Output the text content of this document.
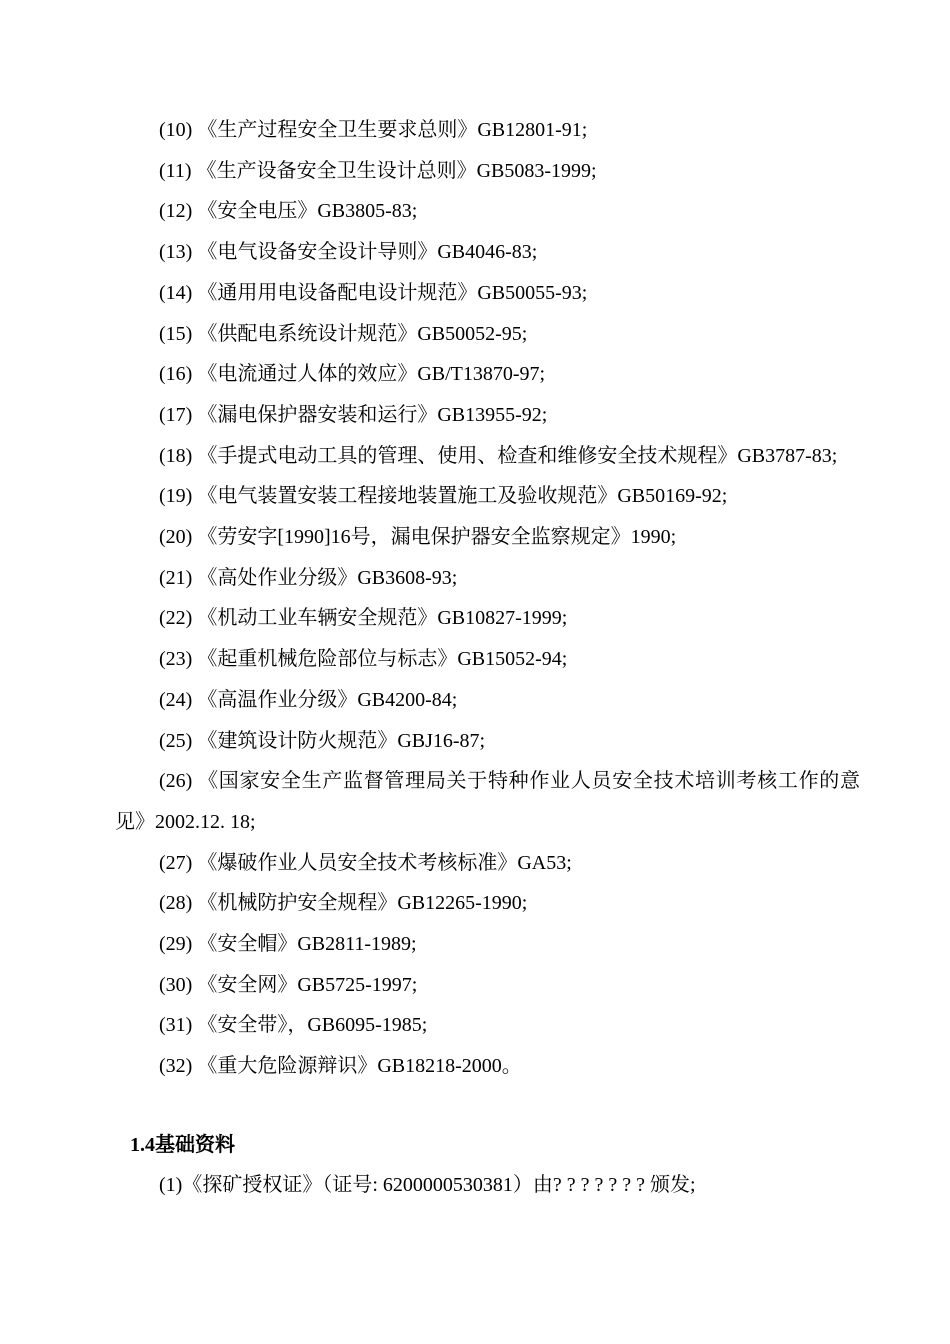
(10) 《生产过程安全卫生要求总则》GB12801-91;
(11) 《生产设备安全卫生设计总则》GB5083-1999;
(12) 《安全电压》GB3805-83;
(13) 《电气设备安全设计导则》GB4046-83;
(14) 《通用用电设备配电设计规范》GB50055-93;
(15) 《供配电系统设计规范》GB50052-95;
(16) 《电流通过人体的效应》GB/T13870-97;
(17) 《漏电保护器安装和运行》GB13955-92;
(18) 《手提式电动工具的管理、使用、检查和维修安全技术规程》GB3787-83;
(19) 《电气装置安装工程接地装置施工及验收规范》GB50169-92;
(20) 《劳安字[1990]16号，漏电保护器安全监察规定》1990;
(21) 《高处作业分级》GB3608-93;
(22) 《机动工业车辆安全规范》GB10827-1999;
(23) 《起重机械危险部位与标志》GB15052-94;
(24) 《高温作业分级》GB4200-84;
(25) 《建筑设计防火规范》GBJ16-87;
(26) 《国家安全生产监督管理局关于特种作业人员安全技术培训考核工作的意见》2002.12. 18;
(27) 《爆破作业人员安全技术考核标准》GA53;
(28) 《机械防护安全规程》GB12265-1990;
(29) 《安全帽》GB2811-1989;
(30) 《安全网》GB5725-1997;
(31) 《安全带》，GB6095-1985;
(32) 《重大危险源辩识》GB18218-2000。
1.4基础资料
(1)《探矿授权证》（证号: 6200000530381）由? ? ? ? ? ? ? 颁发;
